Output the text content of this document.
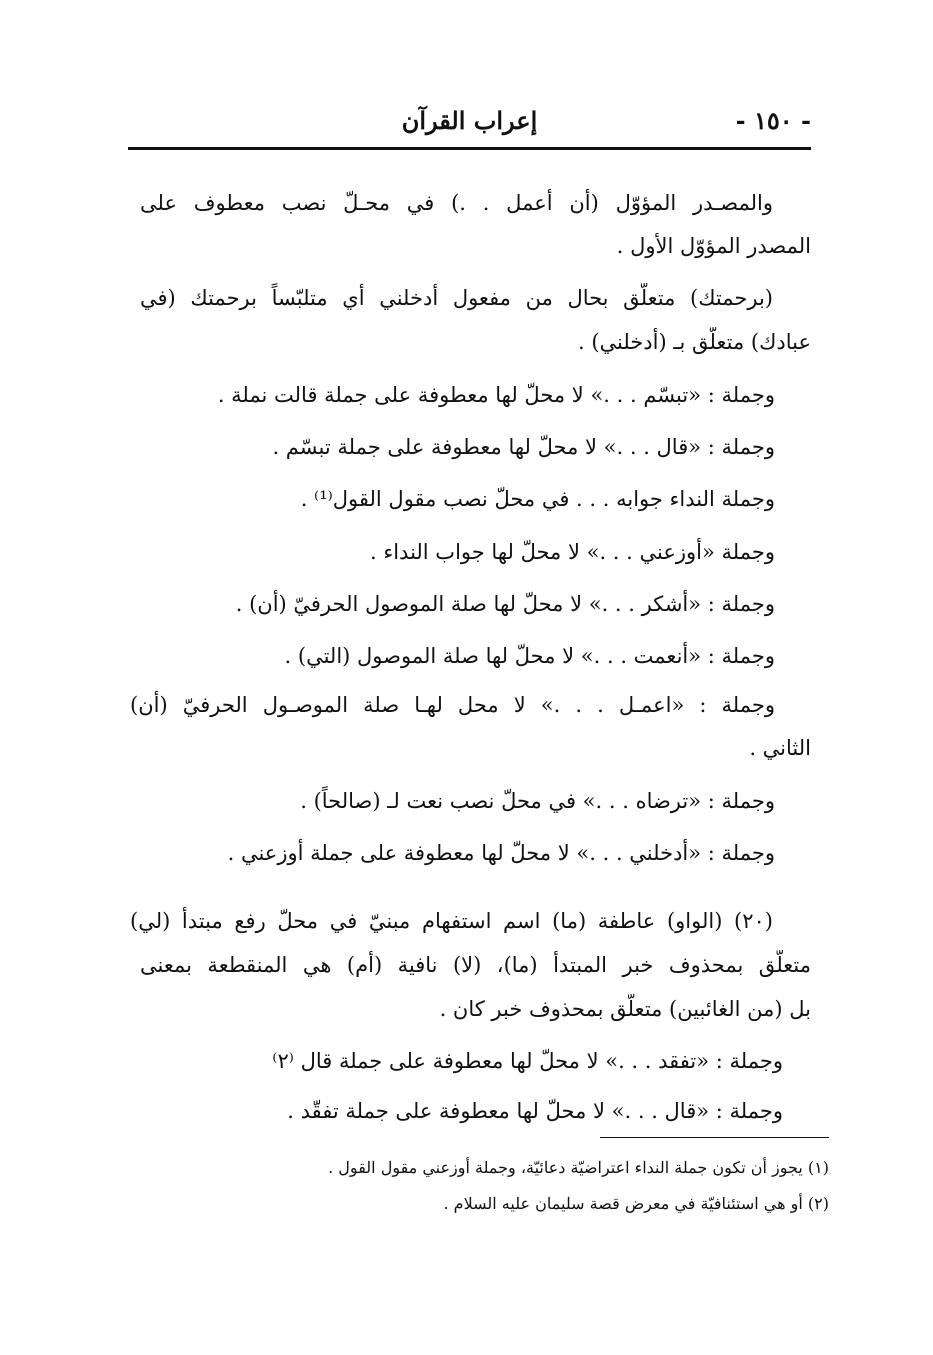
- ١٥٠ -
إعراب القرآن
والمصـدر المؤوّل (أن أعمل . .) في محـلّ نصب معطوف على
المصدر المؤوّل الأول .
(برحمتك) متعلّق بحال من مفعول أدخلني أي متلبّساً برحمتك (في
عبادك) متعلّق بـ (أدخلني) .
وجملة : «تبسّم . . .» لا محلّ لها معطوفة على جملة قالت نملة .
وجملة : «قال . . .» لا محلّ لها معطوفة على جملة تبسّم .
وجملة النداء جوابه . . . في محلّ نصب مقول القول⁽¹⁾ .
وجملة «أوزعني . . .» لا محلّ لها جواب النداء .
وجملة : «أشكر . . .» لا محلّ لها صلة الموصول الحرفيّ (أن) .
وجملة : «أنعمت . . .» لا محلّ لها صلة الموصول (التي) .
وجملة : «اعمـل . . .» لا محل لهـا صلة الموصـول الحرفيّ (أن)
الثاني .
وجملة : «ترضاه . . .» في محلّ نصب نعت لـ (صالحاً) .
وجملة : «أدخلني . . .» لا محلّ لها معطوفة على جملة أوزعني .
(٢٠) (الواو) عاطفة (ما) اسم استفهام مبنيّ في محلّ رفع مبتدأ (لي)
متعلّق بمحذوف خبر المبتدأ (ما)، (لا) نافية (أم) هي المنقطعة بمعنى
بل (من الغائبين) متعلّق بمحذوف خبر كان .
وجملة : «تفقد . . .» لا محلّ لها معطوفة على جملة قال ⁽٢⁾
وجملة : «قال . . .» لا محلّ لها معطوفة على جملة تفقّد .
(١) يجوز أن تكون جملة النداء اعتراضيّة دعائيّة، وجملة أوزعني مقول القول .
(٢) أو هي استئنافيّة في معرض قصة سليمان عليه السلام .
